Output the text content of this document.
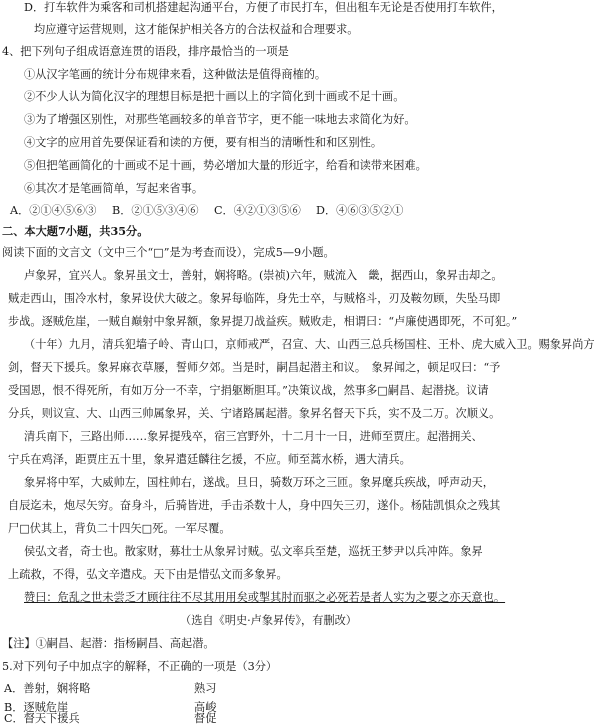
D．打车软件为乘客和司机搭建起沟通平台，方便了市民打车，但出租车无论是否使用打车软件，
均应遵守运营规则，这才能保护相关各方的合法权益和合理要求。
4、把下列句子组成语意连贯的语段，排序最恰当的一项是
①从汉字笔画的统计分布规律来看，这种做法是值得商榷的。
②不少人认为简化汉字的理想目标是把十画以上的字简化到十画或不足十画。
③为了增强区别性，对那些笔画较多的单音节字，更不能一味地去求简化为好。
④文字的应用首先要保证看和读的方便，要有相当的清晰性和和区别性。
⑤但把笔画简化的十画或不足十画，势必增加大量的形近字，给看和读带来困难。
⑥其次才是笔画简单，写起来省事。
A．②①④⑤⑥③	B．②①⑤③④⑥	C．④②①③⑤⑥	D．④⑥③⑤②①
二、本大题7小题，共35分。
阅读下面的文言文（文中三个“□”是为考查而设），完成5—9小题。
卢象昇，宜兴人。象昇虽文士，善射，娴将略。(崇祯)六年，贼流入　畿，据西山，象昇击却之。
贼走西山，围冷水村，象昇设伏大破之。象昇每临阵，身先士卒，与贼格斗，刃及鞍勿顾，失坠马即
步战。逐贼危崖，一贼自巅射中象昇额，象昇提刀战益疾。贼败走，相谓曰：“卢廉使遇即死，不可犯。”
（十年）九月，清兵犯墙子岭、青山口，京师戒严，召宣、大、山西三总兵杨国柱、王朴、虎大威入卫。赐象昇尚方
剑，督天下援兵。象昇麻衣草屦，誓师夕郊。当是时，嗣昌起潜主和议。　象昇闻之，顿足叹曰：“予
受国恩，恨不得死所，有如万分一不幸，宁捐躯断胆耳。”决策议战，然事多□嗣昌、起潜挠。议请
分兵，则议宣、大、山西三帅属象昇，关、宁诸路属起潜。象昇名督天下兵，实不及二万。次顺义。
清兵南下，三路出师……象昇提残卒，宿三宫野外，十二月十一日，进师至贾庄。起潜拥关、
宁兵在鸡泽，距贾庄五十里，象昇遣廷麟往乞援，不应。师至蒿水桥，遇大清兵。
象昇将中军，大威帅左，国柱帅右，遂战。旦日，骑数万环之三匝。象昇麾兵疾战，呼声动天，
自辰迄未，炮尽矢穷。奋身斗，后骑皆进，手击杀数十人，身中四矢三刃，遂仆。杨陆凯惧众之残其
尸□伏其上，背负二十四矢□死。一军尽覆。
侯弘文者，奇士也。散家财，募壮士从象昇讨贼。弘文率兵至楚，巡抚王梦尹以兵冲阵。象昇
上疏救，不得，弘文辛遣戍。天下由是惜弘文而多象昇。
赞曰：危乱之世未尝乏才顾往往不尽其用用矣或掣其肘而驱之必死若是者人实为之要之亦天意也。
（选自《明史·卢象昇传》，有删改）
【注】①嗣昌、起潜：指杨嗣昌、高起潜。
5.对下列句子中加点字的解释，不正确的一项是（3分）
A．善射，娴将略	熟习
B．逐贼危崖	高峻
C．督天下援兵	督促
